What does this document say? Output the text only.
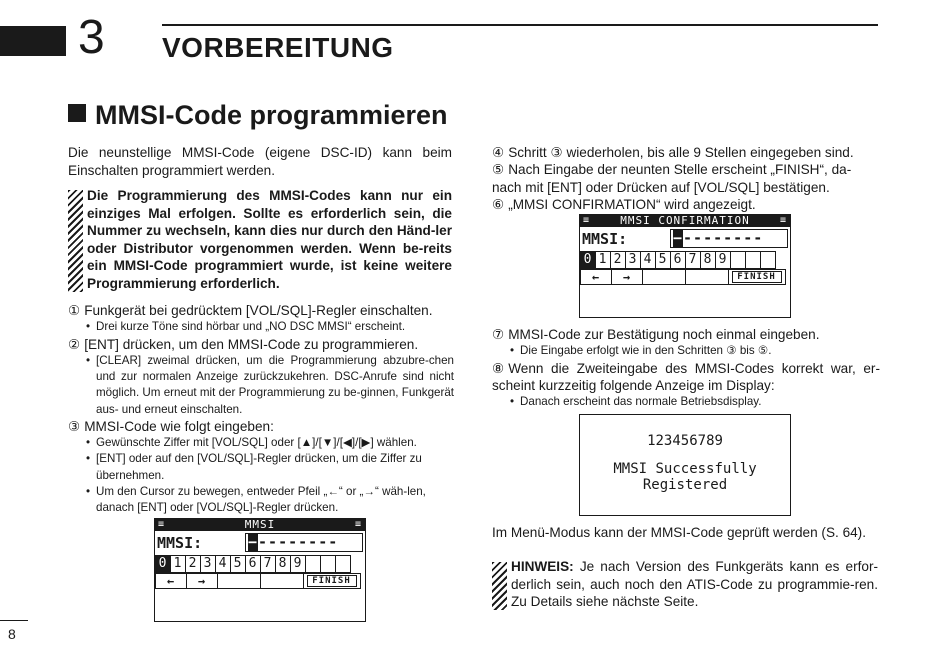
3 VORBEREITUNG
MMSI-Code programmieren
Die neunstellige MMSI-Code (eigene DSC-ID) kann beim Einschalten programmiert werden.
Die Programmierung des MMSI-Codes kann nur ein einziges Mal erfolgen. Sollte es erforderlich sein, die Nummer zu wechseln, kann dies nur durch den Händ-ler oder Distributor vorgenommen werden. Wenn be-reits ein MMSI-Code programmiert wurde, ist keine weitere Programmierung erforderlich.
① Funkgerät bei gedrücktem [VOL/SQL]-Regler einschalten.
• Drei kurze Töne sind hörbar und „NO DSC MMSI“ erscheint.
② [ENT] drücken, um den MMSI-Code zu programmieren.
• [CLEAR] zweimal drücken, um die Programmierung abzubre-chen und zur normalen Anzeige zurückzukehren. DSC-Anrufe sind nicht möglich. Um erneut mit der Programmierung zu be-ginnen, Funkgerät aus- und erneut einschalten.
③ MMSI-Code wie folgt eingeben:
• Gewünschte Ziffer mit [VOL/SQL] oder [▲]/[▼]/[◀]/[▶] wählen.
• [ENT] oder auf den [VOL/SQL]-Regler drücken, um die Ziffer zu übernehmen.
• Um den Cursor zu bewegen, entweder Pfeil „←“ or „→“ wäh-len, danach [ENT] oder [VOL/SQL]-Regler drücken.
≡	MMSI	≡
MMSI:	−--------
0 1 2 3 4 5 6 7 8 9
←	→	FINISH
④ Schritt ③ wiederholen, bis alle 9 Stellen eingegeben sind.
⑤ Nach Eingabe der neunten Stelle erscheint „FINISH“, da-nach mit [ENT] oder Drücken auf [VOL/SQL] bestätigen.
⑥ „MMSI CONFIRMATION“ wird angezeigt.
≡	MMSI CONFIRMATION	≡
MMSI:	−--------
0 1 2 3 4 5 6 7 8 9
←	→	FINISH
⑦ MMSI-Code zur Bestätigung noch einmal eingeben.
• Die Eingabe erfolgt wie in den Schritten ③ bis ⑤.
⑧ Wenn die Zweiteingabe des MMSI-Codes korrekt war, er-scheint kurzzeitig folgende Anzeige im Display:
• Danach erscheint das normale Betriebsdisplay.
123456789
MMSI Successfully
Registered
Im Menü-Modus kann der MMSI-Code geprüft werden (S. 64).
HINWEIS: Je nach Version des Funkgeräts kann es erfor-derlich sein, auch noch den ATIS-Code zu programmie-ren. Zu Details siehe nächste Seite.
8
